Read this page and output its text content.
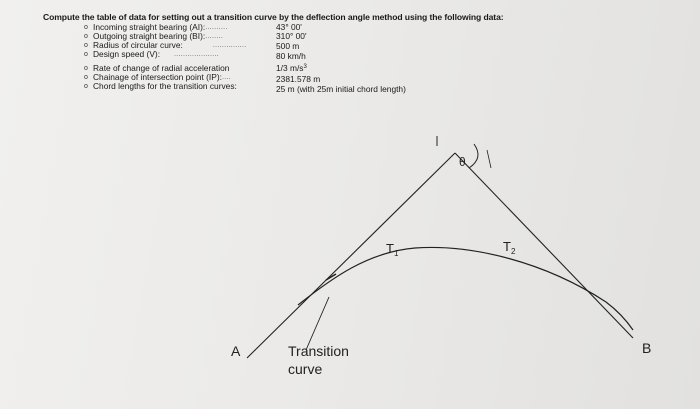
Compute the table of data for setting out a transition curve by the deflection angle method using the following data:
o Incoming straight bearing (AI): ..........	43° 00'
o Outgoing straight bearing (BI): ........	310° 00'
o Radius of circular curve:	...............	500 m
o Design speed (V): ....................	80 km/h
o Rate of change of radial acceleration	1/3 $m/s^3$
o Chainage of intersection point (IP): ....	2381.578 m
o Chord lengths for the transition curves:	25 m (with 25m initial chord length)
A	B
θ
$T_1$	$T_2$
Transition
curve
